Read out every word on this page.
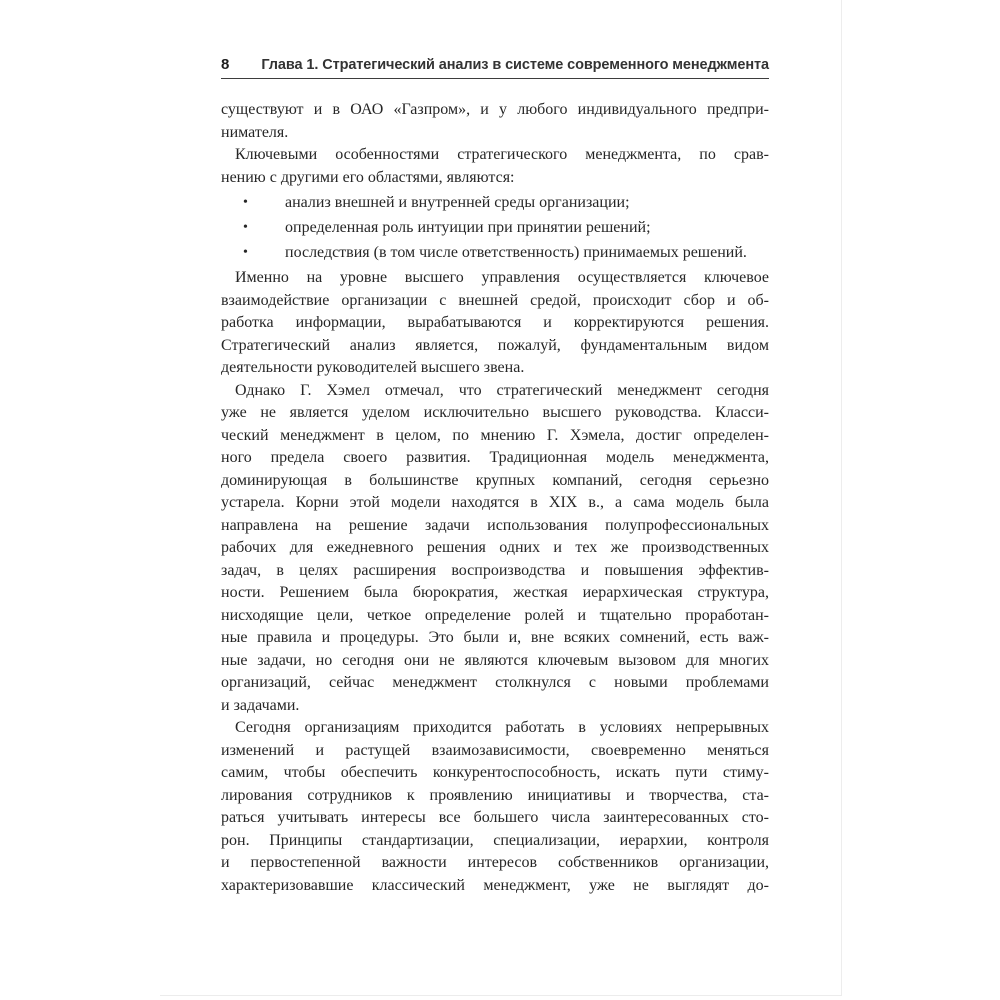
8 Глава 1. Стратегический анализ в системе современного менеджмента
существуют и в ОАО «Газпром», и у любого индивидуального предпри-
нимателя.
Ключевыми особенностями стратегического менеджмента, по срав-
нению с другими его областями, являются:
•	анализ внешней и внутренней среды организации;
•	определенная роль интуиции при принятии решений;
•	последствия (в том числе ответственность) принимаемых решений.
Именно на уровне высшего управления осуществляется ключевое
взаимодействие организации с внешней средой, происходит сбор и об-
работка информации, вырабатываются и корректируются решения.
Стратегический анализ является, пожалуй, фундаментальным видом
деятельности руководителей высшего звена.
Однако Г. Хэмел отмечал, что стратегический менеджмент сегодня
уже не является уделом исключительно высшего руководства. Класси-
ческий менеджмент в целом, по мнению Г. Хэмела, достиг определен-
ного предела своего развития. Традиционная модель менеджмента,
доминирующая в большинстве крупных компаний, сегодня серьезно
устарела. Корни этой модели находятся в XIX в., а сама модель была
направлена на решение задачи использования полупрофессиональных
рабочих для ежедневного решения одних и тех же производственных
задач, в целях расширения воспроизводства и повышения эффектив-
ности. Решением была бюрократия, жесткая иерархическая структура,
нисходящие цели, четкое определение ролей и тщательно проработан-
ные правила и процедуры. Это были и, вне всяких сомнений, есть важ-
ные задачи, но сегодня они не являются ключевым вызовом для многих
организаций, сейчас менеджмент столкнулся с новыми проблемами
и задачами.
Сегодня организациям приходится работать в условиях непрерывных
изменений и растущей взаимозависимости, своевременно меняться
самим, чтобы обеспечить конкурентоспособность, искать пути стиму-
лирования сотрудников к проявлению инициативы и творчества, ста-
раться учитывать интересы все большего числа заинтересованных сто-
рон. Принципы стандартизации, специализации, иерархии, контроля
и первостепенной важности интересов собственников организации,
характеризовавшие классический менеджмент, уже не выглядят до-
